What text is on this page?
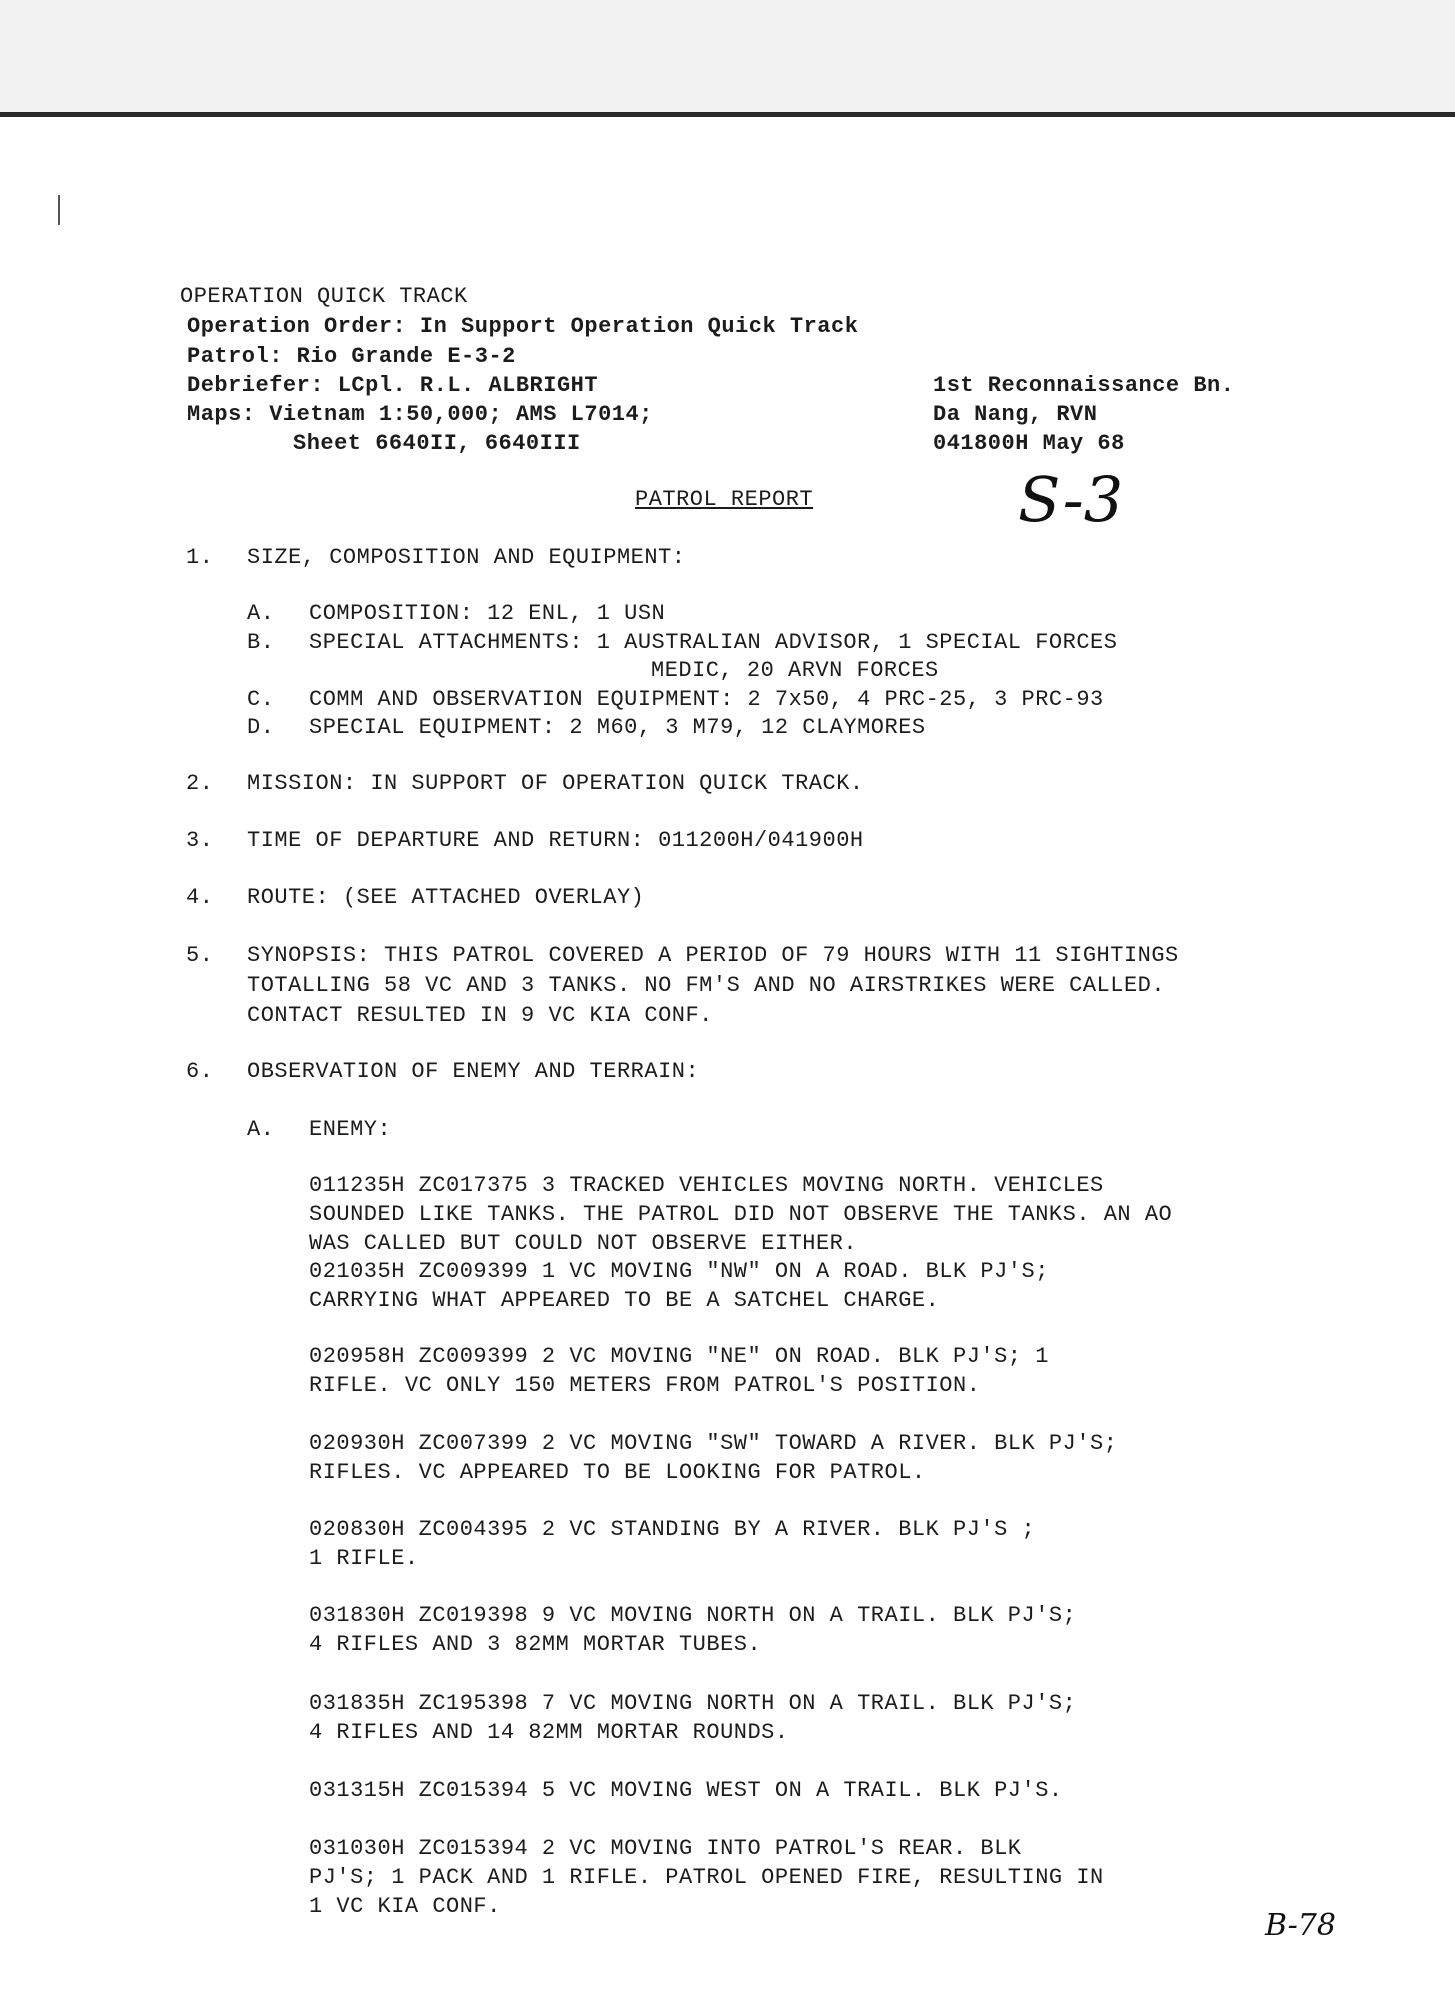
OPERATION QUICK TRACK
Operation Order: In Support Operation Quick Track
Patrol: Rio Grande E-3-2
Debriefer: LCpl. R.L. ALBRIGHT
Maps: Vietnam 1:50,000; AMS L7014;
Sheet 6640II, 6640III
1st Reconnaissance Bn.
Da Nang, RVN
041800H May 68
S-3
PATROL REPORT
1. SIZE, COMPOSITION AND EQUIPMENT:
A. COMPOSITION: 12 ENL, 1 USN
B. SPECIAL ATTACHMENTS: 1 AUSTRALIAN ADVISOR, 1 SPECIAL FORCES
MEDIC, 20 ARVN FORCES
C. COMM AND OBSERVATION EQUIPMENT: 2 7x50, 4 PRC-25, 3 PRC-93
D. SPECIAL EQUIPMENT: 2 M60, 3 M79, 12 CLAYMORES
2. MISSION: IN SUPPORT OF OPERATION QUICK TRACK.
3. TIME OF DEPARTURE AND RETURN: 011200H/041900H
4. ROUTE: (SEE ATTACHED OVERLAY)
5. SYNOPSIS: THIS PATROL COVERED A PERIOD OF 79 HOURS WITH 11 SIGHTINGS
TOTALLING 58 VC AND 3 TANKS. NO FM'S AND NO AIRSTRIKES WERE CALLED.
CONTACT RESULTED IN 9 VC KIA CONF.
6. OBSERVATION OF ENEMY AND TERRAIN:
A. ENEMY:
011235H ZC017375 3 TRACKED VEHICLES MOVING NORTH. VEHICLES
SOUNDED LIKE TANKS. THE PATROL DID NOT OBSERVE THE TANKS. AN AO
WAS CALLED BUT COULD NOT OBSERVE EITHER.
021035H ZC009399 1 VC MOVING "NW" ON A ROAD. BLK PJ'S;
CARRYING WHAT APPEARED TO BE A SATCHEL CHARGE.
020958H ZC009399 2 VC MOVING "NE" ON ROAD. BLK PJ'S; 1
RIFLE. VC ONLY 150 METERS FROM PATROL'S POSITION.
020930H ZC007399 2 VC MOVING "SW" TOWARD A RIVER. BLK PJ'S;
RIFLES. VC APPEARED TO BE LOOKING FOR PATROL.
020830H ZC004395 2 VC STANDING BY A RIVER. BLK PJ'S ;
1 RIFLE.
031830H ZC019398 9 VC MOVING NORTH ON A TRAIL. BLK PJ'S;
4 RIFLES AND 3 82MM MORTAR TUBES.
031835H ZC195398 7 VC MOVING NORTH ON A TRAIL. BLK PJ'S;
4 RIFLES AND 14 82MM MORTAR ROUNDS.
031315H ZC015394 5 VC MOVING WEST ON A TRAIL. BLK PJ'S.
031030H ZC015394 2 VC MOVING INTO PATROL'S REAR. BLK
PJ'S; 1 PACK AND 1 RIFLE. PATROL OPENED FIRE, RESULTING IN
1 VC KIA CONF.
B-78
